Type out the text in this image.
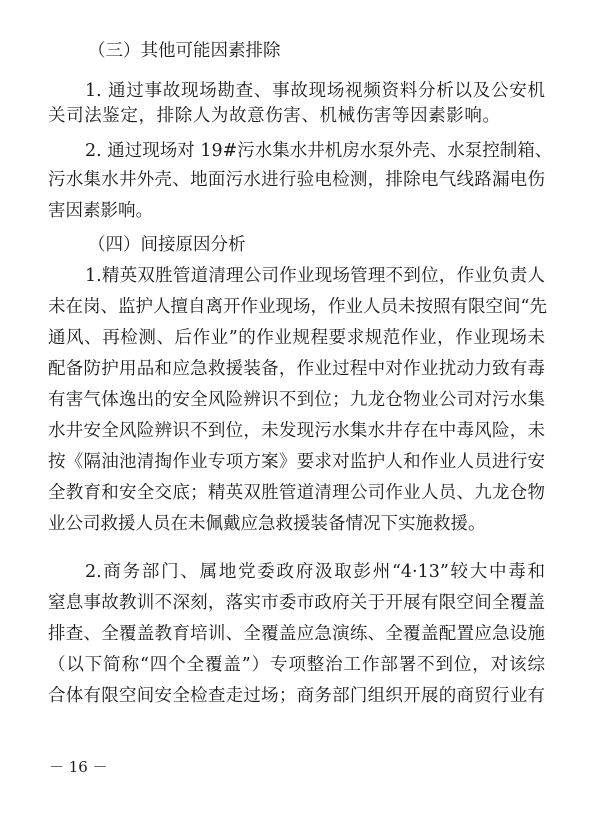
（三）其他可能因素排除
1. 通过事故现场勘查、事故现场视频资料分析以及公安机
关司法鉴定，排除人为故意伤害、机械伤害等因素影响。
2. 通过现场对 19#污水集水井机房水泵外壳、水泵控制箱、
污水集水井外壳、地面污水进行验电检测，排除电气线路漏电伤
害因素影响。
（四）间接原因分析
1.精英双胜管道清理公司作业现场管理不到位，作业负责人
未在岗、监护人擅自离开作业现场，作业人员未按照有限空间“先
通风、再检测、后作业”的作业规程要求规范作业，作业现场未
配备防护用品和应急救援装备，作业过程中对作业扰动力致有毒
有害气体逸出的安全风险辨识不到位；九龙仓物业公司对污水集
水井安全风险辨识不到位，未发现污水集水井存在中毒风险，未
按《隔油池清掏作业专项方案》要求对监护人和作业人员进行安
全教育和安全交底；精英双胜管道清理公司作业人员、九龙仓物
业公司救援人员在未佩戴应急救援装备情况下实施救援。
2.商务部门、属地党委政府汲取彭州“4·13”较大中毒和
窒息事故教训不深刻，落实市委市政府关于开展有限空间全覆盖
排查、全覆盖教育培训、全覆盖应急演练、全覆盖配置应急设施
（以下简称“四个全覆盖”）专项整治工作部署不到位，对该综
合体有限空间安全检查走过场；商务部门组织开展的商贸行业有
－ 16 －
